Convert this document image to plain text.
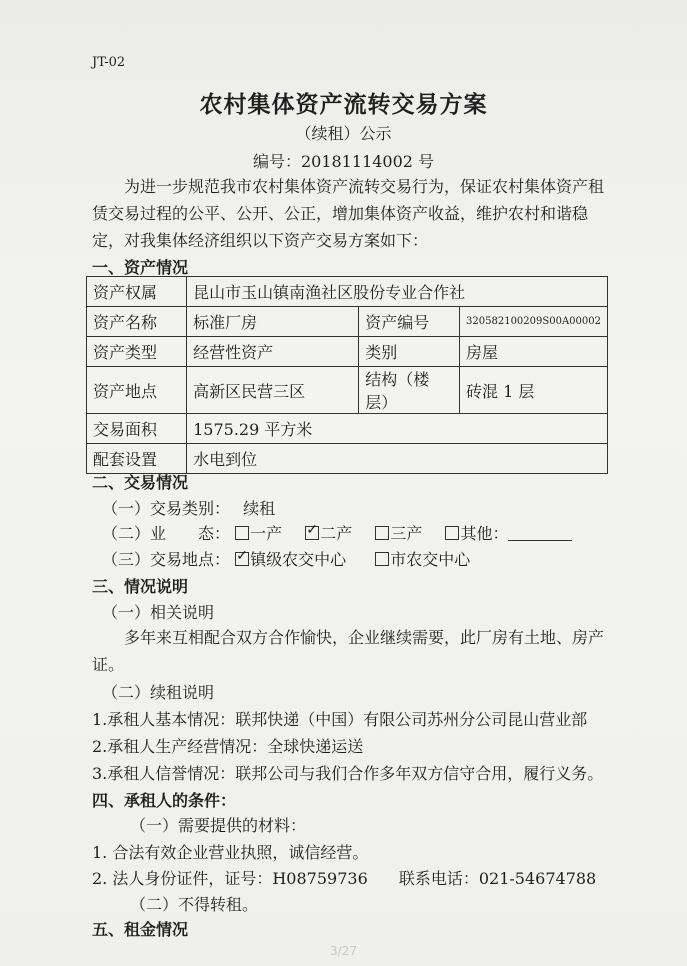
JT-02
农村集体资产流转交易方案
（续租）公示
编号：20181114002 号
为进一步规范我市农村集体资产流转交易行为，保证农村集体资产租赁交易过程的公平、公开、公正，增加集体资产收益，维护农村和谐稳定，对我集体经济组织以下资产交易方案如下：
一、资产情况
资产权属	昆山市玉山镇南渔社区股份专业合作社		
资产名称	标准厂房	资产编号	320582100209S00A00002
资产类型	经营性资产	类别	房屋
资产地点	高新区民营三区	结构（楼层）	砖混 1 层
交易面积	1575.29 平方米		
配套设置	水电到位		
二、交易情况
（一）交易类别： 续租
（二）业　　态： 一产 ✓ 二产 三产 其他：
（三）交易地点： ✓ 镇级农交中心	市农交中心
三、情况说明
（一）相关说明
多年来互相配合双方合作愉快，企业继续需要，此厂房有土地、房产证。
（二）续租说明
1.承租人基本情况：联邦快递（中国）有限公司苏州分公司昆山营业部
2.承租人生产经营情况：全球快递运送
3.承租人信誉情况：联邦公司与我们合作多年双方信守合用，履行义务。
四、承租人的条件：
（一）需要提供的材料：
1. 合法有效企业营业执照，诚信经营。
2. 法人身份证件，证号：H08759736 联系电话：021-54674788
（二）不得转租。
五、租金情况
3/27
